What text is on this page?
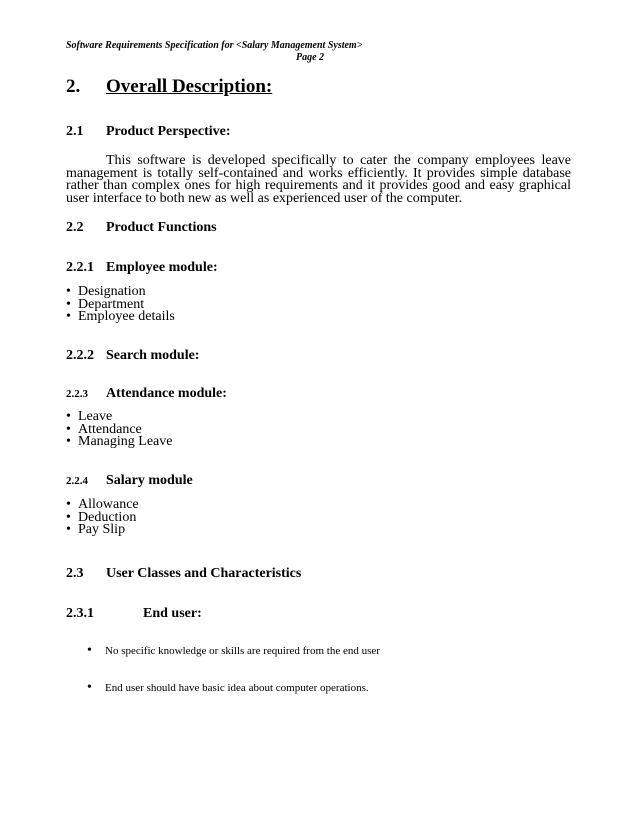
Software Requirements Specification for <Salary Management System>
Page 2
2. Overall Description:
2.1 Product Perspective:

This software is developed specifically to cater the company employees leave management is totally self-contained and works efficiently. It provides simple database rather than complex ones for high requirements and it provides good and easy graphical user interface to both new as well as experienced user of the computer.

2.2 Product Functions
2.2.1 Employee module:
• Designation
• Department
• Employee details
2.2.2 Search module:
2.2.3 Attendance module:
• Leave
• Attendance
• Managing Leave
2.2.4 Salary module
• Allowance
• Deduction
• Pay Slip
2.3 User Classes and Characteristics
2.3.1	End user:
• No specific knowledge or skills are required from the end user
• End user should have basic idea about computer operations.
